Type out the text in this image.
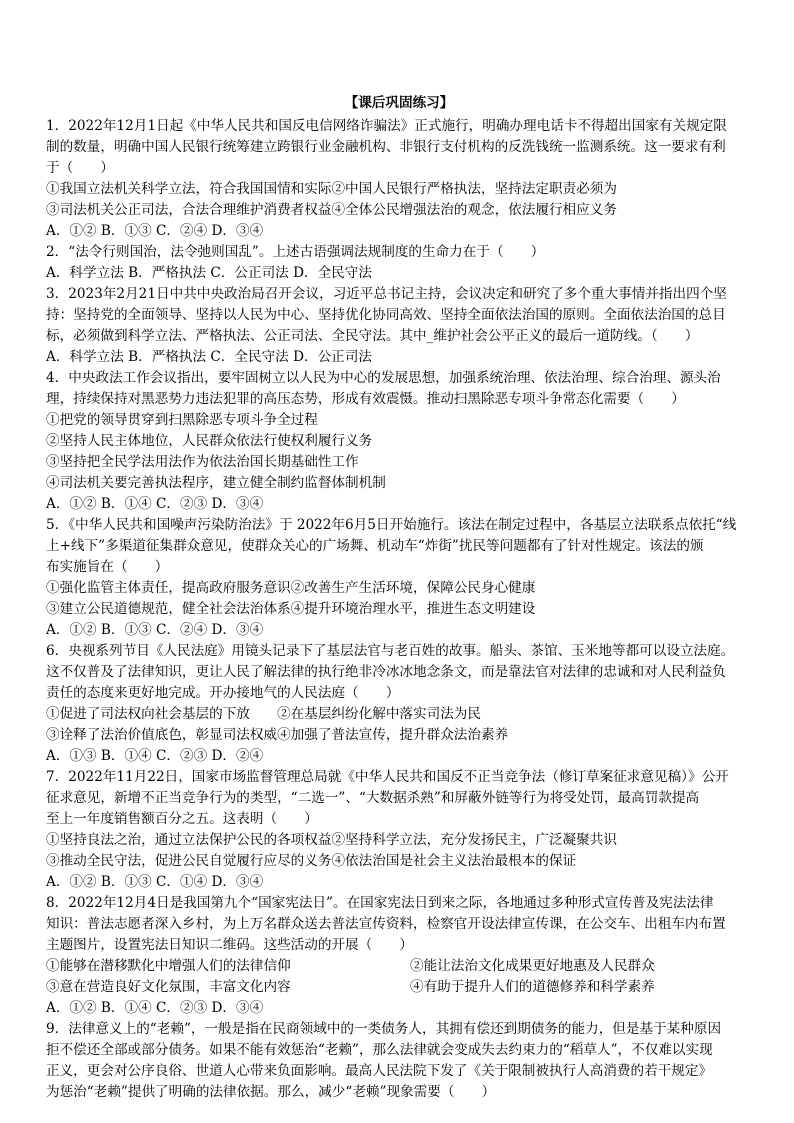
【课后巩固练习】
1．2022年12月1日起《中华人民共和国反电信网络诈骗法》正式施行，明确办理电话卡不得超出国家有关规定限
制的数量，明确中国人民银行统筹建立跨银行业金融机构、非银行支付机构的反洗钱统一监测系统。这一要求有利
于（　　）
①我国立法机关科学立法，符合我国国情和实际②中国人民银行严格执法，坚持法定职责必须为
③司法机关公正司法，合法合理维护消费者权益④全体公民增强法治的观念，依法履行相应义务
A．①② B．①③ C．②④ D．③④
2．“法令行则国治，法令弛则国乱”。上述古语强调法规制度的生命力在于（　　）
A．科学立法 B．严格执法 C．公正司法 D．全民守法
3．2023年2月21日中共中央政治局召开会议，习近平总书记主持，会议决定和研究了多个重大事情并指出四个坚
持：坚持党的全面领导、坚持以人民为中心、坚持优化协同高效、坚持全面依法治国的原则。全面依法治国的总目
标，必须做到科学立法、严格执法、公正司法、全民守法。其中_维护社会公平正义的最后一道防线。（　　）
A．科学立法 B．严格执法 C．全民守法 D．公正司法
4．中央政法工作会议指出，要牢固树立以人民为中心的发展思想，加强系统治理、依法治理、综合治理、源头治
理，持续保持对黑恶势力违法犯罪的高压态势，形成有效震慑。推动扫黑除恶专项斗争常态化需要（　　）
①把党的领导贯穿到扫黑除恶专项斗争全过程
②坚持人民主体地位，人民群众依法行使权利履行义务
③坚持把全民学法用法作为依法治国长期基础性工作
④司法机关要完善执法程序，建立健全制约监督体制机制
A．①② B．①④ C．②③ D．③④
5．《中华人民共和国噪声污染防治法》于 2022年6月5日开始施行。该法在制定过程中，各基层立法联系点依托“线
上+线下”多渠道征集群众意见，使群众关心的广场舞、机动车“炸街”扰民等问题都有了针对性规定。该法的颁
布实施旨在（　　）
①强化监管主体责任，提高政府服务意识②改善生产生活环境，保障公民身心健康
③建立公民道德规范，健全社会法治体系④提升环境治理水平，推进生态文明建设
A．①② B．①③ C．②④ D．③④
6．央视系列节目《人民法庭》用镜头记录下了基层法官与老百姓的故事。船头、茶馆、玉米地等都可以设立法庭。
这不仅普及了法律知识，更让人民了解法律的执行绝非冷冰冰地念条文，而是靠法官对法律的忠诚和对人民利益负
责任的态度来更好地完成。开办接地气的人民法庭（　　）
①促进了司法权向社会基层的下放　　②在基层纠纷化解中落实司法为民
③诠释了法治价值底色，彰显司法权威④加强了普法宣传，提升群众法治素养
A．①③ B．①④ C．②③ D．②④
7．2022年11月22日，国家市场监督管理总局就《中华人民共和国反不正当竞争法（修订草案征求意见稿）》公开
征求意见，新增不正当竞争行为的类型，“二选一”、“大数据杀熟”和屏蔽外链等行为将受处罚，最高罚款提高
至上一年度销售额百分之五。这表明（　　）
①坚持良法之治，通过立法保护公民的各项权益②坚持科学立法，充分发扬民主，广泛凝聚共识
③推动全民守法，促进公民自觉履行应尽的义务④依法治国是社会主义法治最根本的保证
A．①② B．①③ C．①④ D．③④
8．2022年12月4日是我国第九个“国家宪法日”。在国家宪法日到来之际，各地通过多种形式宣传普及宪法法律
知识：普法志愿者深入乡村，为上万名群众送去普法宣传资料，检察官开设法律宣传课，在公交车、出租车内布置
主题图片，设置宪法日知识二维码。这些活动的开展（　　）
①能够在潜移默化中增强人们的法律信仰	②能让法治文化成果更好地惠及人民群众
③意在营造良好文化氛围，丰富文化内容	④有助于提升人们的道德修养和科学素养
A．①② B．①④ C．②③ D．③④
9．法律意义上的“老赖”，一般是指在民商领域中的一类债务人，其拥有偿还到期债务的能力，但是基于某种原因
拒不偿还全部或部分债务。如果不能有效惩治“老赖”，那么法律就会变成失去约束力的“稻草人”，不仅难以实现
正义，更会对公序良俗、世道人心带来负面影响。最高人民法院下发了《关于限制被执行人高消费的若干规定》
为惩治“老赖”提供了明确的法律依据。那么，减少“老赖”现象需要（　　）
